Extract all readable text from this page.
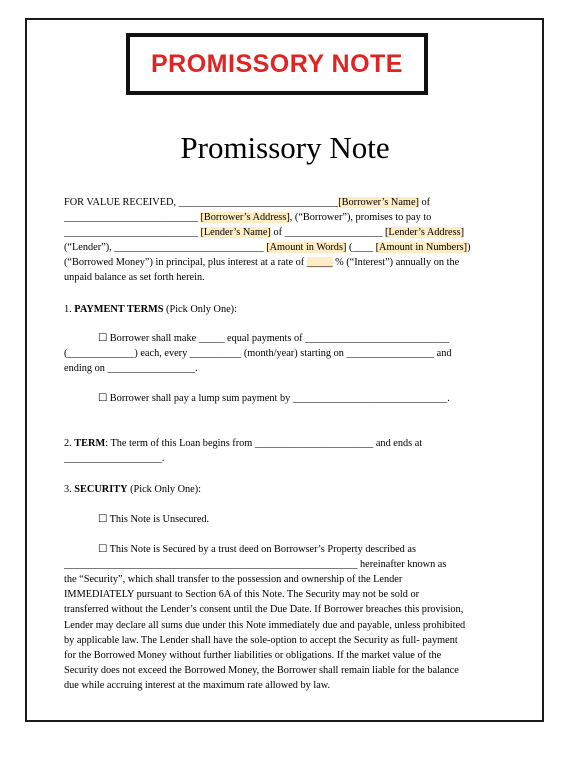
PROMISSORY NOTE
Promissory Note
FOR VALUE RECEIVED, _______________________________[Borrower’s Name] of
__________________________ [Borrower’s Address], (“Borrower”), promises to pay to
__________________________ [Lender’s Name] of ___________________ [Lender’s Address]
(“Lender”), _____________________________ [Amount in Words] (____ [Amount in Numbers])
(“Borrowed Money”) in principal, plus interest at a rate of _____ % (“Interest”) annually on the
unpaid balance as set forth herein.
1. PAYMENT TERMS (Pick Only One):
☐ Borrower shall make _____ equal payments of ____________________________
(_____________) each, every __________ (month/year) starting on _________________ and
ending on _________________.
☐ Borrower shall pay a lump sum payment by ______________________________.
2. TERM: The term of this Loan begins from _______________________ and ends at
___________________.
3. SECURITY (Pick Only One):
☐ This Note is Unsecured.
☐ This Note is Secured by a trust deed on Borrowser’s Property described as
_________________________________________________________ hereinafter known as
the “Security”, which shall transfer to the possession and ownership of the Lender
IMMEDIATELY pursuant to Section 6A of this Note. The Security may not be sold or
transferred without the Lender’s consent until the Due Date. If Borrower breaches this provision,
Lender may declare all sums due under this Note immediately due and payable, unless prohibited
by applicable law. The Lender shall have the sole-option to accept the Security as full- payment
for the Borrowed Money without further liabilities or obligations. If the market value of the
Security does not exceed the Borrowed Money, the Borrower shall remain liable for the balance
due while accruing interest at the maximum rate allowed by law.
